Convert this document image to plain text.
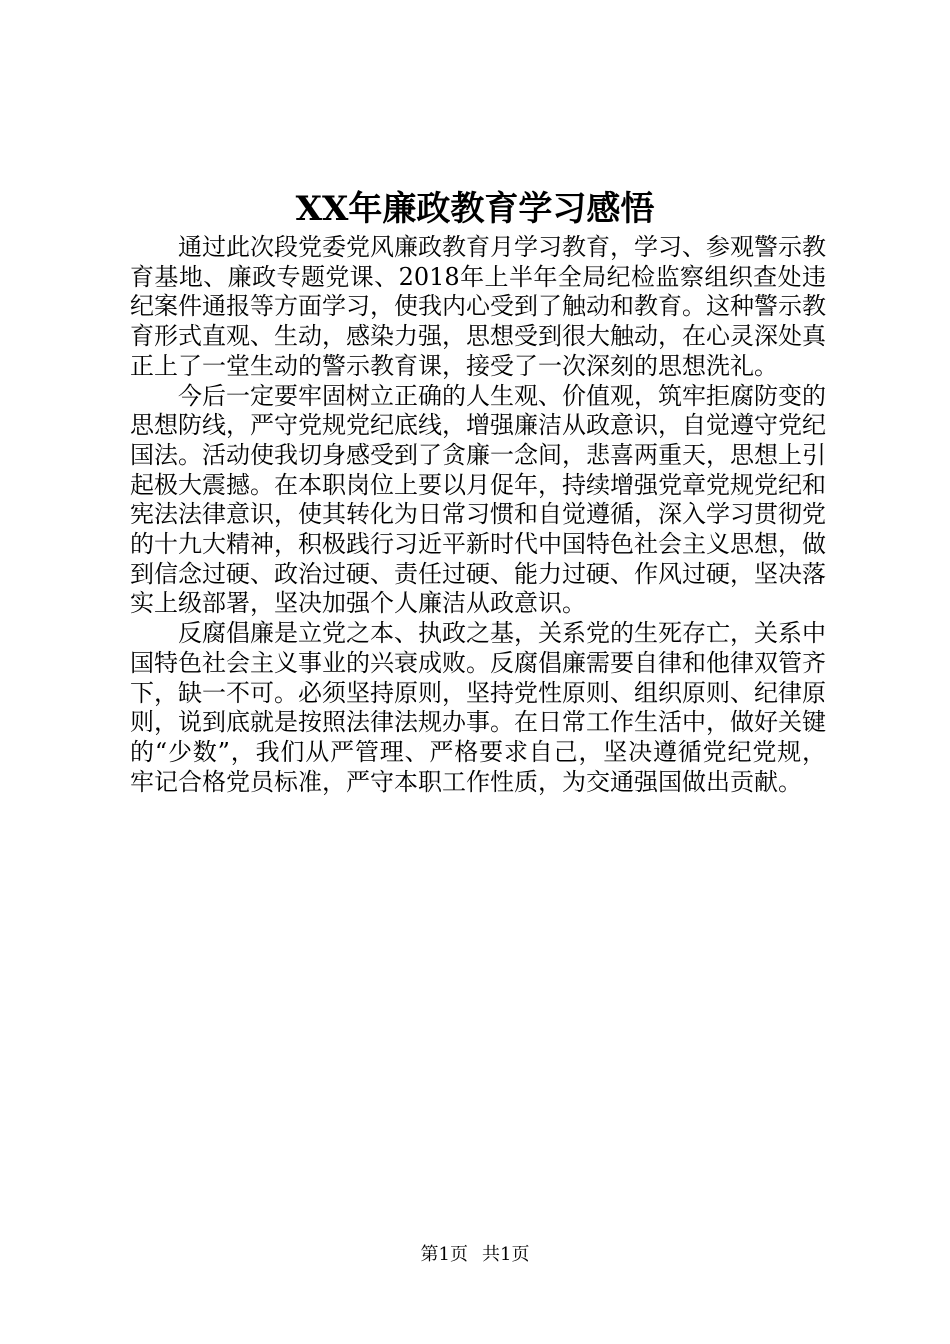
XX年廉政教育学习感悟

通过此次段党委党风廉政教育月学习教育，学习、参观警示教育基地、廉政专题党课、2018年上半年全局纪检监察组织查处违纪案件通报等方面学习，使我内心受到了触动和教育。这种警示教育形式直观、生动，感染力强，思想受到很大触动，在心灵深处真正上了一堂生动的警示教育课，接受了一次深刻的思想洗礼。

今后一定要牢固树立正确的人生观、价值观，筑牢拒腐防变的思想防线，严守党规党纪底线，增强廉洁从政意识，自觉遵守党纪国法。活动使我切身感受到了贪廉一念间，悲喜两重天，思想上引起极大震撼。在本职岗位上要以月促年，持续增强党章党规党纪和宪法法律意识，使其转化为日常习惯和自觉遵循，深入学习贯彻党的十九大精神，积极践行习近平新时代中国特色社会主义思想，做到信念过硬、政治过硬、责任过硬、能力过硬、作风过硬，坚决落实上级部署，坚决加强个人廉洁从政意识。

反腐倡廉是立党之本、执政之基，关系党的生死存亡，关系中国特色社会主义事业的兴衰成败。反腐倡廉需要自律和他律双管齐下，缺一不可。必须坚持原则，坚持党性原则、组织原则、纪律原则，说到底就是按照法律法规办事。在日常工作生活中，做好关键的“少数”，我们从严管理、严格要求自己，坚决遵循党纪党规，牢记合格党员标准，严守本职工作性质，为交通强国做出贡献。

第1页 共1页
